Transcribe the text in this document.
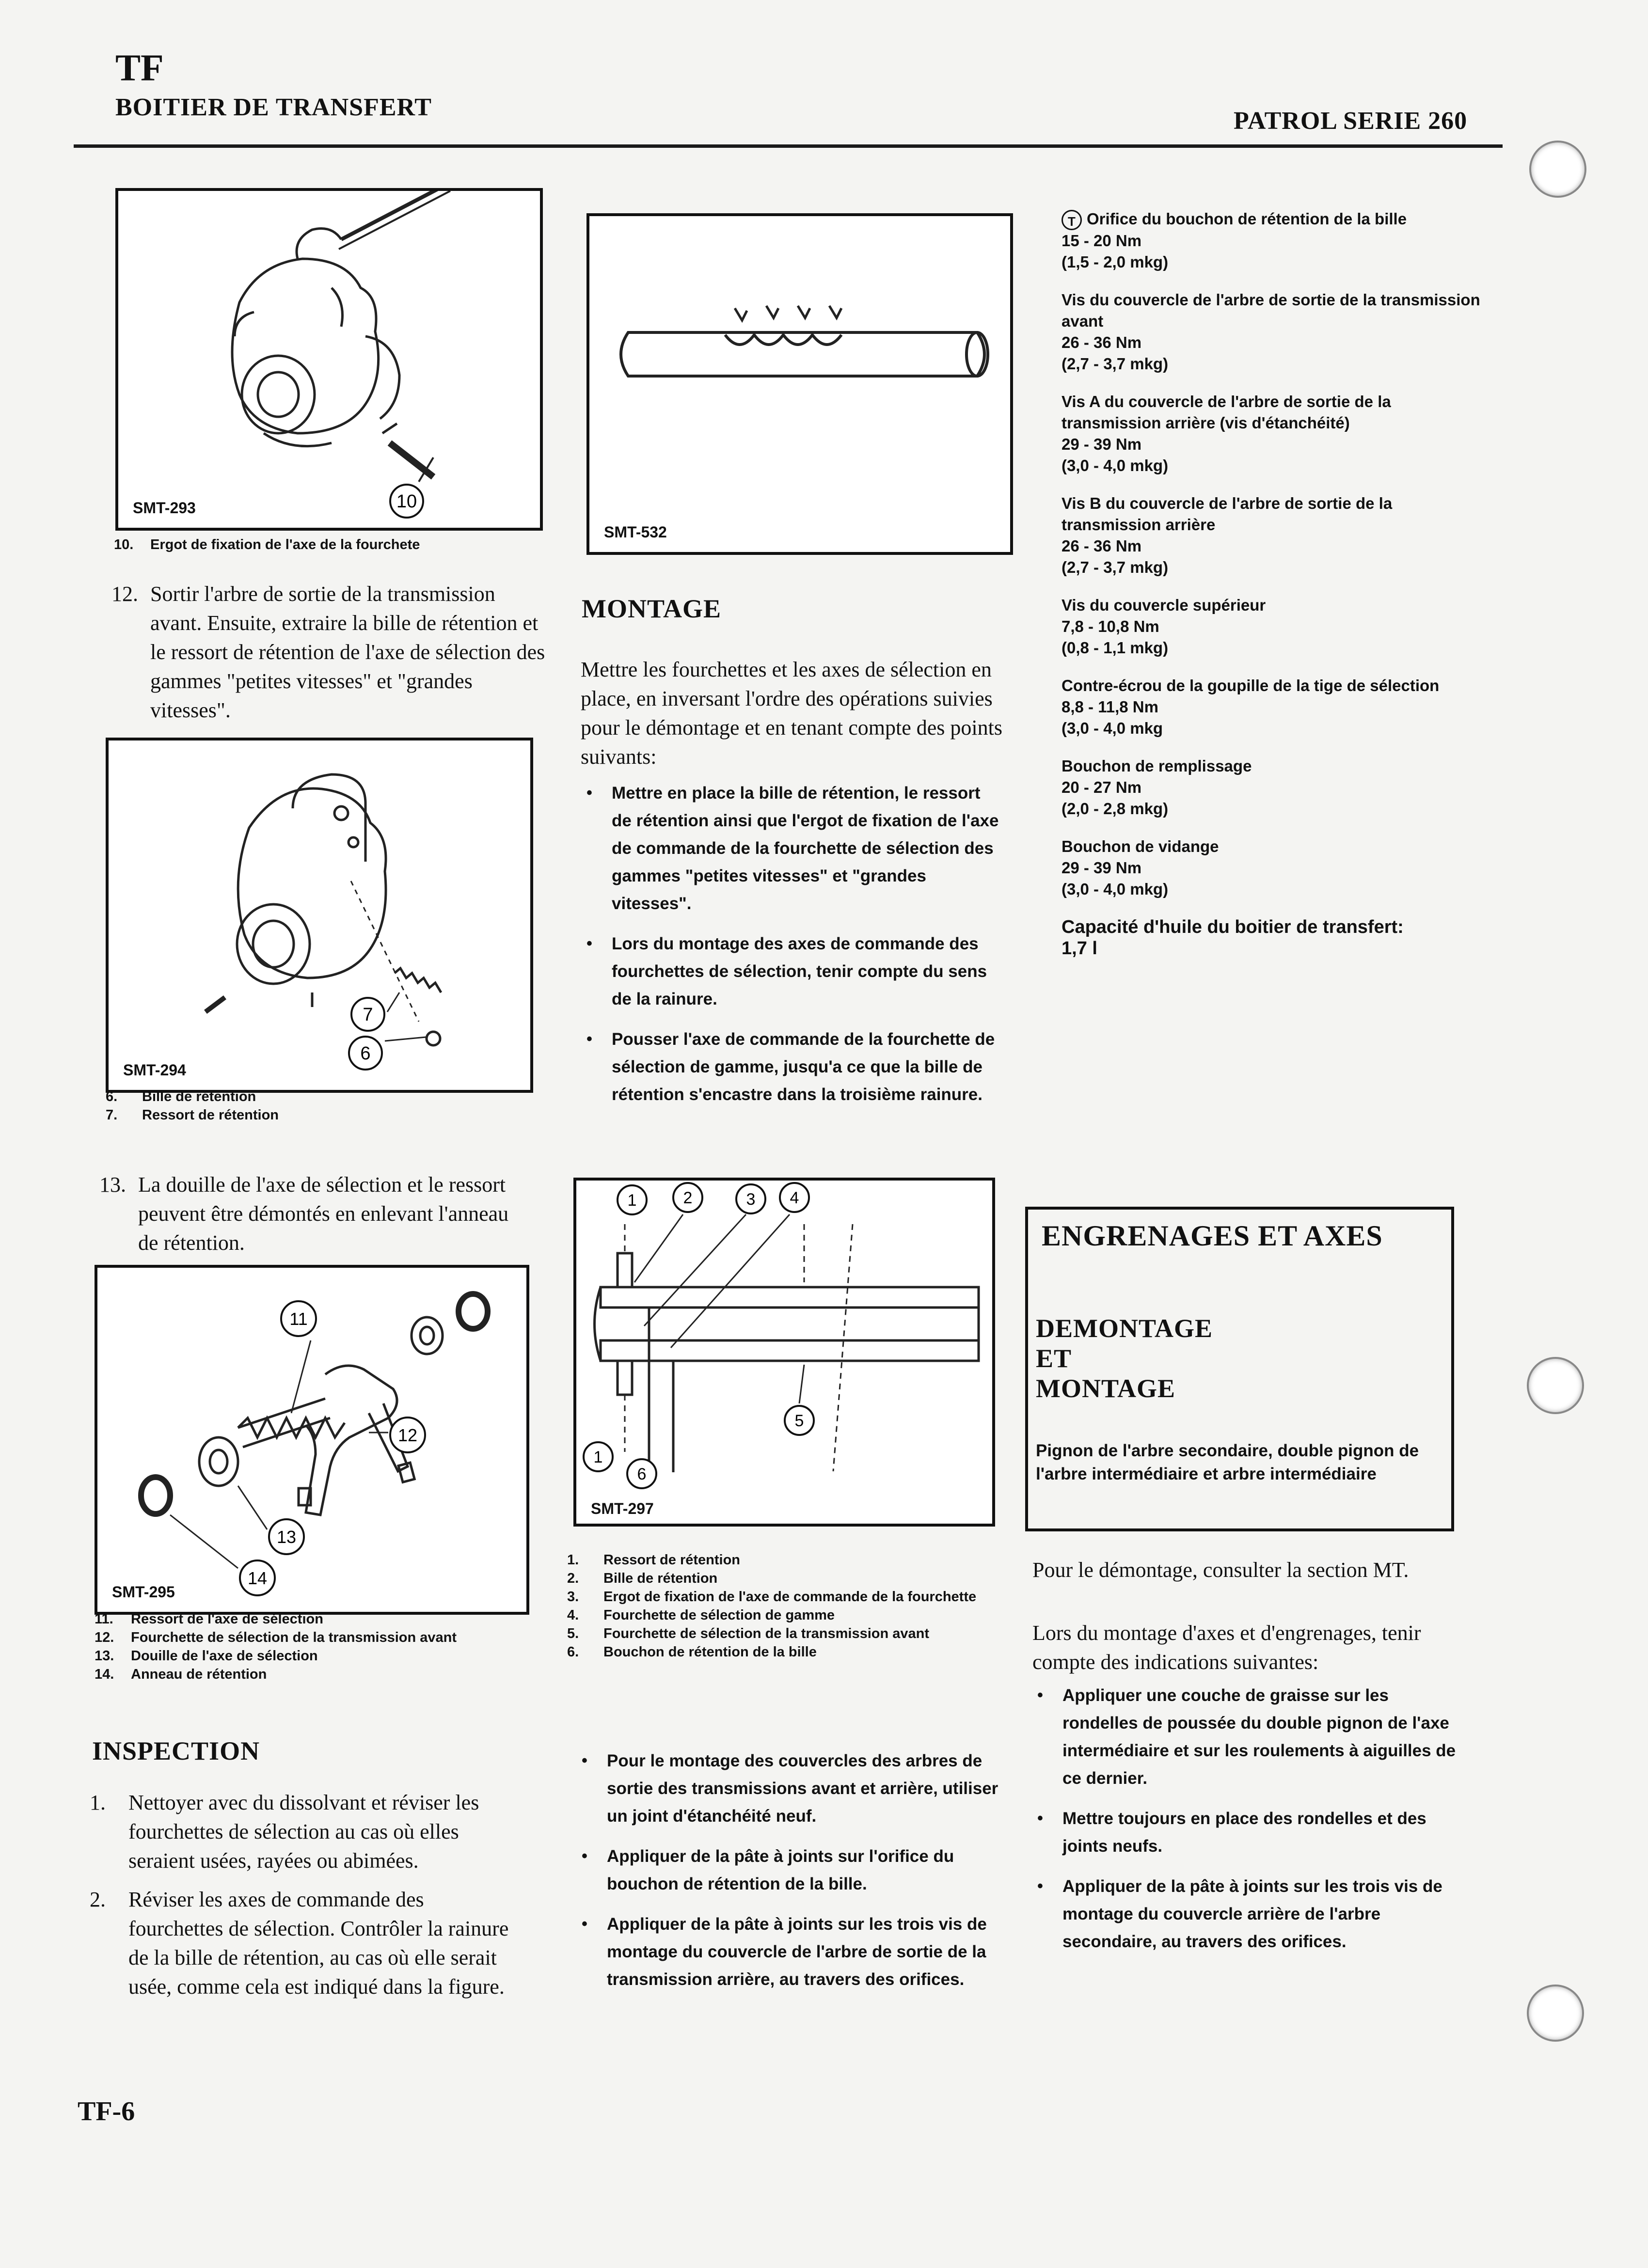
TF
BOITIER DE TRANSFERT	PATROL SERIE 260
10
SMT-293
10.	Ergot de fixation de l'axe de la fourchete
12. Sortir l'arbre de sortie de la transmission avant. Ensuite, extraire la bille de rétention et le ressort de rétention de l'axe de sélection des gammes "petites vitesses" et "grandes vitesses".
7
6
SMT-294
6.	Bille de rétention
7.	Ressort de rétention
13. La douille de l'axe de sélection et le ressort peuvent être démontés en enlevant l'anneau de rétention.
11
12
13
14
SMT-295
11.	Ressort de l'axe de sélection
12.	Fourchette de sélection de la transmission avant
13.	Douille de l'axe de sélection
14.	Anneau de rétention
INSPECTION
1.	Nettoyer avec du dissolvant et réviser les fourchettes de sélection au cas où elles seraient usées, rayées ou abimées.
2.	Réviser les axes de commande des fourchettes de sélection. Contrôler la rainure de la bille de rétention, au cas où elle serait usée, comme cela est indiqué dans la figure.
TF-6
SMT-532
MONTAGE
Mettre les fourchettes et les axes de sélection en place, en inversant l'ordre des opérations suivies pour le démontage et en tenant compte des points suivants:
•	Mettre en place la bille de rétention, le ressort de rétention ainsi que l'ergot de fixation de l'axe de commande de la fourchette de sélection des gammes "petites vitesses" et "grandes vitesses".
•	Lors du montage des axes de commande des fourchettes de sélection, tenir compte du sens de la rainure.
•	Pousser l'axe de commande de la fourchette de sélection de gamme, jusqu'a ce que la bille de rétention s'encastre dans la troisième rainure.
1	2	3 4
5
1
6
SMT-297
1.	Ressort de rétention
2.	Bille de rétention
3.	Ergot de fixation de l'axe de commande de la fourchette
4.	Fourchette de sélection de gamme
5.	Fourchette de sélection de la transmission avant
6.	Bouchon de rétention de la bille
•	Pour le montage des couvercles des arbres de sortie des transmissions avant et arrière, utiliser un joint d'étanchéité neuf.
•	Appliquer de la pâte à joints sur l'orifice du bouchon de rétention de la bille.
•	Appliquer de la pâte à joints sur les trois vis de montage du couvercle de l'arbre de sortie de la transmission arrière, au travers des orifices.
T Orifice du bouchon de rétention de la bille
15 - 20 Nm
(1,5 - 2,0 mkg)
Vis du couvercle de l'arbre de sortie de la transmission avant
26 - 36 Nm
(2,7 - 3,7 mkg)
Vis A du couvercle de l'arbre de sortie de la transmission arrière (vis d'étanchéité)
29 - 39 Nm
(3,0 - 4,0 mkg)
Vis B du couvercle de l'arbre de sortie de la transmission arrière
26 - 36 Nm
(2,7 - 3,7 mkg)
Vis du couvercle supérieur
7,8 - 10,8 Nm
(0,8 - 1,1 mkg)
Contre-écrou de la goupille de la tige de sélection
8,8 - 11,8 Nm
(3,0 - 4,0 mkg
Bouchon de remplissage
20 - 27 Nm
(2,0 - 2,8 mkg)
Bouchon de vidange
29 - 39 Nm
(3,0 - 4,0 mkg)
Capacité d'huile du boitier de transfert:
1,7 l
ENGRENAGES ET AXES
DEMONTAGE
ET
MONTAGE
Pignon de l'arbre secondaire, double pignon de l'arbre intermédiaire et arbre intermédiaire
Pour le démontage, consulter la section MT.
Lors du montage d'axes et d'engrenages, tenir compte des indications suivantes:
•	Appliquer une couche de graisse sur les rondelles de poussée du double pignon de l'axe intermédiaire et sur les roulements à aiguilles de ce dernier.
•	Mettre toujours en place des rondelles et des joints neufs.
•	Appliquer de la pâte à joints sur les trois vis de montage du couvercle arrière de l'arbre secondaire, au travers des orifices.
